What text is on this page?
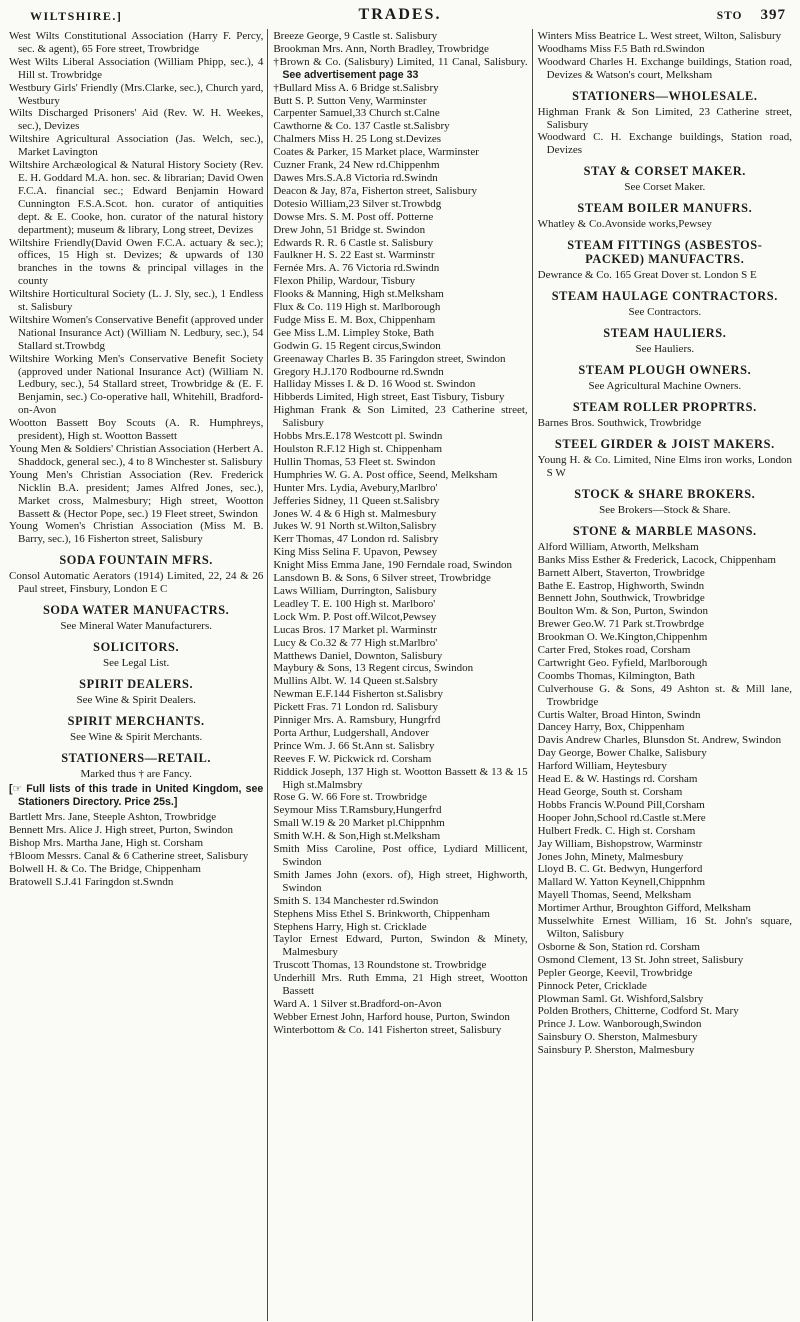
WILTSHIRE.]	TRADES.	STO 397
West Wilts Constitutional Association (Harry F. Percy, sec. & agent), 65 Fore street, Trowbridge
West Wilts Liberal Association (William Phipp, sec.), 4 Hill st. Trowbridge
Westbury Girls' Friendly (Mrs.Clarke, sec.), Church yard, Westbury
Wilts Discharged Prisoners' Aid (Rev. W. H. Weekes, sec.), Devizes
Wiltshire Agricultural Association (Jas. Welch, sec.), Market Lavington
Wiltshire Archæological & Natural History Society (Rev. E. H. Goddard M.A. hon. sec. & librarian; David Owen F.C.A. financial sec.; Edward Benjamin Howard Cunnington F.S.A.Scot. hon. curator of antiquities dept. & E. Cooke, hon. curator of the natural history department); museum & library, Long street, Devizes
Wiltshire Friendly(David Owen F.C.A. actuary & sec.); offices, 15 High st. Devizes; & upwards of 130 branches in the towns & principal villages in the county
Wiltshire Horticultural Society (L. J. Sly, sec.), 1 Endless st. Salisbury
Wiltshire Women's Conservative Benefit (approved under National Insurance Act) (William N. Ledbury, sec.), 54 Stallard st.Trowbdg
Wiltshire Working Men's Conservative Benefit Society (approved under National Insurance Act) (William N. Ledbury, sec.), 54 Stallard street, Trowbridge & (E. F. Benjamin, sec.) Co-operative hall, Whitehill, Bradford-on-Avon
Wootton Bassett Boy Scouts (A. R. Humphreys, president), High st. Wootton Bassett
Young Men & Soldiers' Christian Association (Herbert A. Shaddock, general sec.), 4 to 8 Winchester st. Salisbury
Young Men's Christian Association (Rev. Frederick Nicklin B.A. president; James Alfred Jones, sec.), Market cross, Malmesbury; High street, Wootton Bassett & (Hector Pope, sec.) 19 Fleet street, Swindon
Young Women's Christian Association (Miss M. B. Barry, sec.), 16 Fisherton street, Salisbury
SODA FOUNTAIN MFRS.
Consol Automatic Aerators (1914) Limited, 22, 24 & 26 Paul street, Finsbury, London E C
SODA WATER MANUFACTRS.
See Mineral Water Manufacturers.
SOLICITORS.
See Legal List.
SPIRIT DEALERS.
See Wine & Spirit Dealers.
SPIRIT MERCHANTS.
See Wine & Spirit Merchants.
STATIONERS—RETAIL.
Marked thus † are Fancy.
[☞ Full lists of this trade in United Kingdom, see Stationers Directory. Price 25s.]
Bartlett Mrs. Jane, Steeple Ashton, Trowbridge
Bennett Mrs. Alice J. High street, Purton, Swindon
Bishop Mrs. Martha Jane, High st. Corsham
†Bloom Messrs. Canal & 6 Catherine street, Salisbury
Bolwell H. & Co. The Bridge, Chippenham
Bratowell S.J.41 Faringdon st.Swndn
Breeze George, 9 Castle st. Salisbury
Brookman Mrs. Ann, North Bradley, Trowbridge
†Brown & Co. (Salisbury) Limited, 11 Canal, Salisbury. See advertisement page 33
†Bullard Miss A. 6 Bridge st.Salisbry
Butt S. P. Sutton Veny, Warminster
Carpenter Samuel,33 Church st.Calne
Cawthorne & Co. 137 Castle st.Salisbry
Chalmers Miss H. 25 Long st.Devizes
Coates & Parker, 15 Market place, Warminster
Cuzner Frank, 24 New rd.Chippenhm
Dawes Mrs.S.A.8 Victoria rd.Swindn
Deacon & Jay, 87a, Fisherton street, Salisbury
Dotesio William,23 Silver st.Trowbdg
Dowse Mrs. S. M. Post off. Potterne
Drew John, 51 Bridge st. Swindon
Edwards R. R. 6 Castle st. Salisbury
Faulkner H. S. 22 East st. Warminstr
Fernée Mrs. A. 76 Victoria rd.Swindn
Flexon Philip, Wardour, Tisbury
Flooks & Manning, High st.Melksham
Flux & Co. 119 High st. Marlborough
Fudge Miss E. M. Box, Chippenham
Gee Miss L.M. Limpley Stoke, Bath
Godwin G. 15 Regent circus,Swindon
Greenaway Charles B. 35 Faringdon street, Swindon
Gregory H.J.170 Rodbourne rd.Swndn
Halliday Misses I. & D. 16 Wood st. Swindon
Hibberds Limited, High street, East Tisbury, Tisbury
Highman Frank & Son Limited, 23 Catherine street, Salisbury
Hobbs Mrs.E.178 Westcott pl. Swindn
Houlston R.F.12 High st. Chippenham
Hullin Thomas, 53 Fleet st. Swindon
Humphries W. G. A. Post office, Seend, Melksham
Hunter Mrs. Lydia, Avebury,Marlbro'
Jefferies Sidney, 11 Queen st.Salisbry
Jones W. 4 & 6 High st. Malmesbury
Jukes W. 91 North st.Wilton,Salisbry
Kerr Thomas, 47 London rd. Salisbry
King Miss Selina F. Upavon, Pewsey
Knight Miss Emma Jane, 190 Ferndale road, Swindon
Lansdown B. & Sons, 6 Silver street, Trowbridge
Laws William, Durrington, Salisbury
Leadley T. E. 100 High st. Marlboro'
Lock Wm. P. Post off.Wilcot,Pewsey
Lucas Bros. 17 Market pl. Warminstr
Lucy & Co.32 & 77 High st.Marlbro'
Matthews Daniel, Downton, Salisbury
Maybury & Sons, 13 Regent circus, Swindon
Mullins Albt. W. 14 Queen st.Salsbry
Newman E.F.144 Fisherton st.Salisbry
Pickett Fras. 71 London rd. Salisbury
Pinniger Mrs. A. Ramsbury, Hungrfrd
Porta Arthur, Ludgershall, Andover
Prince Wm. J. 66 St.Ann st. Salisbry
Reeves F. W. Pickwick rd. Corsham
Riddick Joseph, 137 High st. Wootton Bassett & 13 & 15 High st.Malmsbry
Rose G. W. 66 Fore st. Trowbridge
Seymour Miss T.Ramsbury,Hungerfrd
Small W.19 & 20 Market pl.Chippnhm
Smith W.H. & Son,High st.Melksham
Smith Miss Caroline, Post office, Lydiard Millicent, Swindon
Smith James John (exors. of), High street, Highworth, Swindon
Smith S. 134 Manchester rd.Swindon
Stephens Miss Ethel S. Brinkworth, Chippenham
Stephens Harry, High st. Cricklade
Taylor Ernest Edward, Purton, Swindon & Minety, Malmesbury
Truscott Thomas, 13 Roundstone st. Trowbridge
Underhill Mrs. Ruth Emma, 21 High street, Wootton Bassett
Ward A. 1 Silver st.Bradford-on-Avon
Webber Ernest John, Harford house, Purton, Swindon
Winterbottom & Co. 141 Fisherton street, Salisbury
Winters Miss Beatrice L. West street, Wilton, Salisbury
Woodhams Miss F.5 Bath rd.Swindon
Woodward Charles H. Exchange buildings, Station road, Devizes & Watson's court, Melksham
STATIONERS—WHOLESALE.
Highman Frank & Son Limited, 23 Catherine street, Salisbury
Woodward C. H. Exchange buildings, Station road, Devizes
STAY & CORSET MAKER.
See Corset Maker.
STEAM BOILER MANUFRS.
Whatley & Co.Avonside works,Pewsey
STEAM FITTINGS (ASBESTOS-PACKED) MANUFACTRS.
Dewrance & Co. 165 Great Dover st. London S E
STEAM HAULAGE CONTRACTORS.
See Contractors.
STEAM HAULIERS.
See Hauliers.
STEAM PLOUGH OWNERS.
See Agricultural Machine Owners.
STEAM ROLLER PROPRTRS.
Barnes Bros. Southwick, Trowbridge
STEEL GIRDER & JOIST MAKERS.
Young H. & Co. Limited, Nine Elms iron works, London S W
STOCK & SHARE BROKERS.
See Brokers—Stock & Share.
STONE & MARBLE MASONS.
Alford William, Atworth, Melksham
Banks Miss Esther & Frederick, Lacock, Chippenham
Barnett Albert, Staverton, Trowbridge
Bathe E. Eastrop, Highworth, Swindn
Bennett John, Southwick, Trowbridge
Boulton Wm. & Son, Purton, Swindon
Brewer Geo.W. 71 Park st.Trowbrdge
Brookman O. We.Kington,Chippenhm
Carter Fred, Stokes road, Corsham
Cartwright Geo. Fyfield, Marlborough
Coombs Thomas, Kilmington, Bath
Culverhouse G. & Sons, 49 Ashton st. & Mill lane, Trowbridge
Curtis Walter, Broad Hinton, Swindn
Dancey Harry, Box, Chippenham
Davis Andrew Charles, Blunsdon St. Andrew, Swindon
Day George, Bower Chalke, Salisbury
Harford William, Heytesbury
Head E. & W. Hastings rd. Corsham
Head George, South st. Corsham
Hobbs Francis W.Pound Pill,Corsham
Hooper John,School rd.Castle st.Mere
Hulbert Fredk. C. High st. Corsham
Jay William, Bishopstrow, Warminstr
Jones John, Minety, Malmesbury
Lloyd B. C. Gt. Bedwyn, Hungerford
Mallard W. Yatton Keynell,Chippnhm
Mayell Thomas, Seend, Melksham
Mortimer Arthur, Broughton Gifford, Melksham
Musselwhite Ernest William, 16 St. John's square, Wilton, Salisbury
Osborne & Son, Station rd. Corsham
Osmond Clement, 13 St. John street, Salisbury
Pepler George, Keevil, Trowbridge
Pinnock Peter, Cricklade
Plowman Saml. Gt. Wishford,Salsbry
Polden Brothers, Chitterne, Codford St. Mary
Prince J. Low. Wanborough,Swindon
Sainsbury O. Sherston, Malmesbury
Sainsbury P. Sherston, Malmesbury
